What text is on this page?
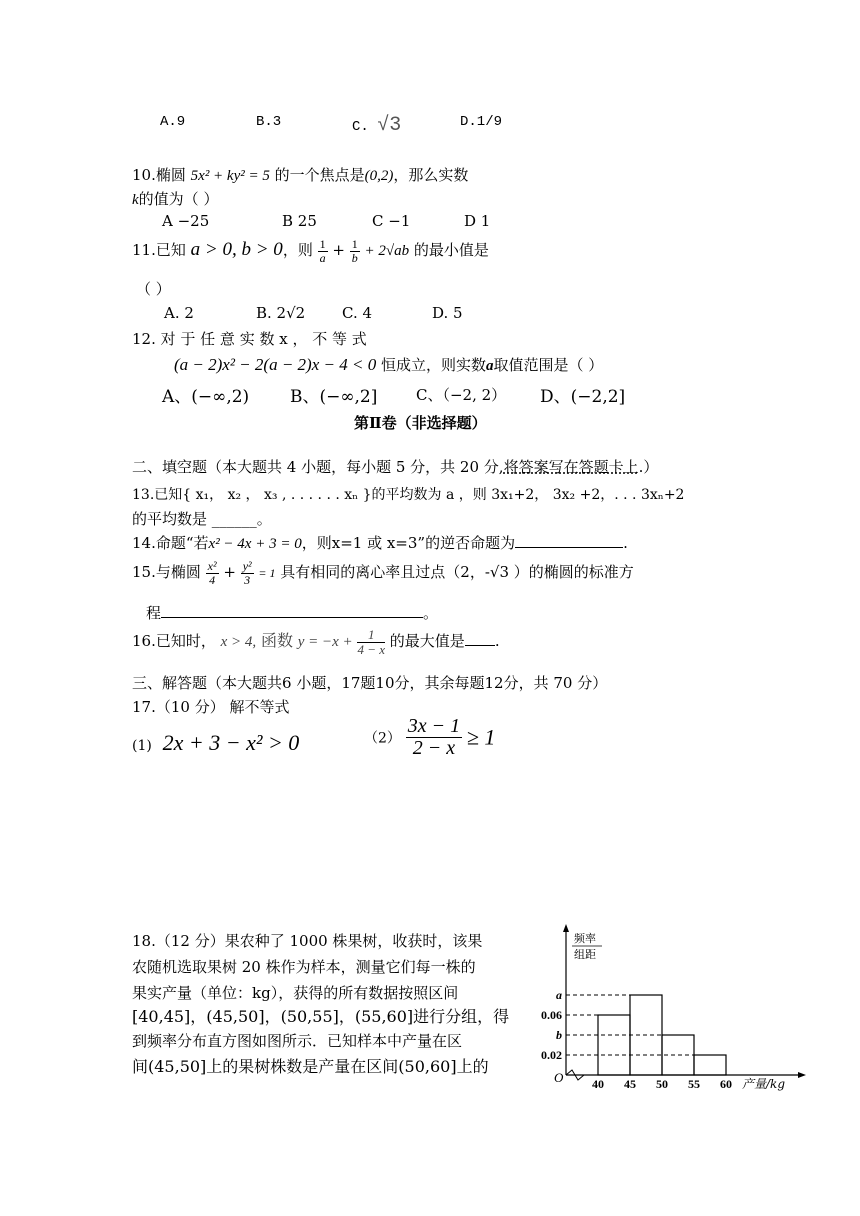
A.9	B.3	C. √3	D.1/9
10.椭圆 5x² + ky² = 5 的一个焦点是(0,2)，那么实数
k的值为（ ）
A −25	B 25	C −1	D 1
11.已知 a > 0, b > 0，则 $\frac{1}{a} + \frac{1}{b} + 2√ab$ 的最小值是
（ ）
A. 2	B. 2√2 C. 4	D. 5
12. 对 于 任 意 实 数 x ， 不 等 式
(a − 2)x² − 2(a − 2)x − 4 < 0 恒成立，则实数a取值范围是（ ）
A、(−∞,2) B、(−∞,2]	C、（−2, 2） D、(−2,2]
第Ⅱ卷（非选择题）
二、填空题（本大题共 4 小题，每小题 5 分，共 20 分,将答案写在答题卡上.）
13.已知{ x₁， x₂ ， x₃ , . . . . . . xₙ }的平均数为 a ，则 3x₁+2， 3x₂ +2，. . . 3xₙ+2
的平均数是 ______。
14.命题“若x² − 4x + 3 = 0，则x=1 或 x=3”的逆否命题为	.
15.与椭圆 $\frac{\text{x²}}{4} + \frac{\text{y²}}{3} = 1$ 具有相同的离心率且过点（2，-√3 ）的椭圆的标准方
程	。
16.已知时， x > 4, 函数 $y = -x + \frac{1}{4 - x}$ 的最大值是 .
三、解答题（本大题共6 小题，17题10分，其余每题12分，共 70 分）
17.（10 分） 解不等式
(1) 2x + 3 − x² > 0	$(2) \frac{3x - 1}{2 - x} \ge 1$
18.（12 分）果农种了 1000 株果树，收获时，该果
农随机选取果树 20 株作为样本，测量它们每一株的
果实产量（单位：kg），获得的所有数据按照区间
[40,45]，(45,50]，(50,55]，(55,60]进行分组，得
到频率分布直方图如图所示．已知样本中产量在区
间(45,50]上的果树株数是产量在区间(50,60]上的
O
频率
组距
a
0.06
b
0.02
40 45 50 55 60 产量/kg
